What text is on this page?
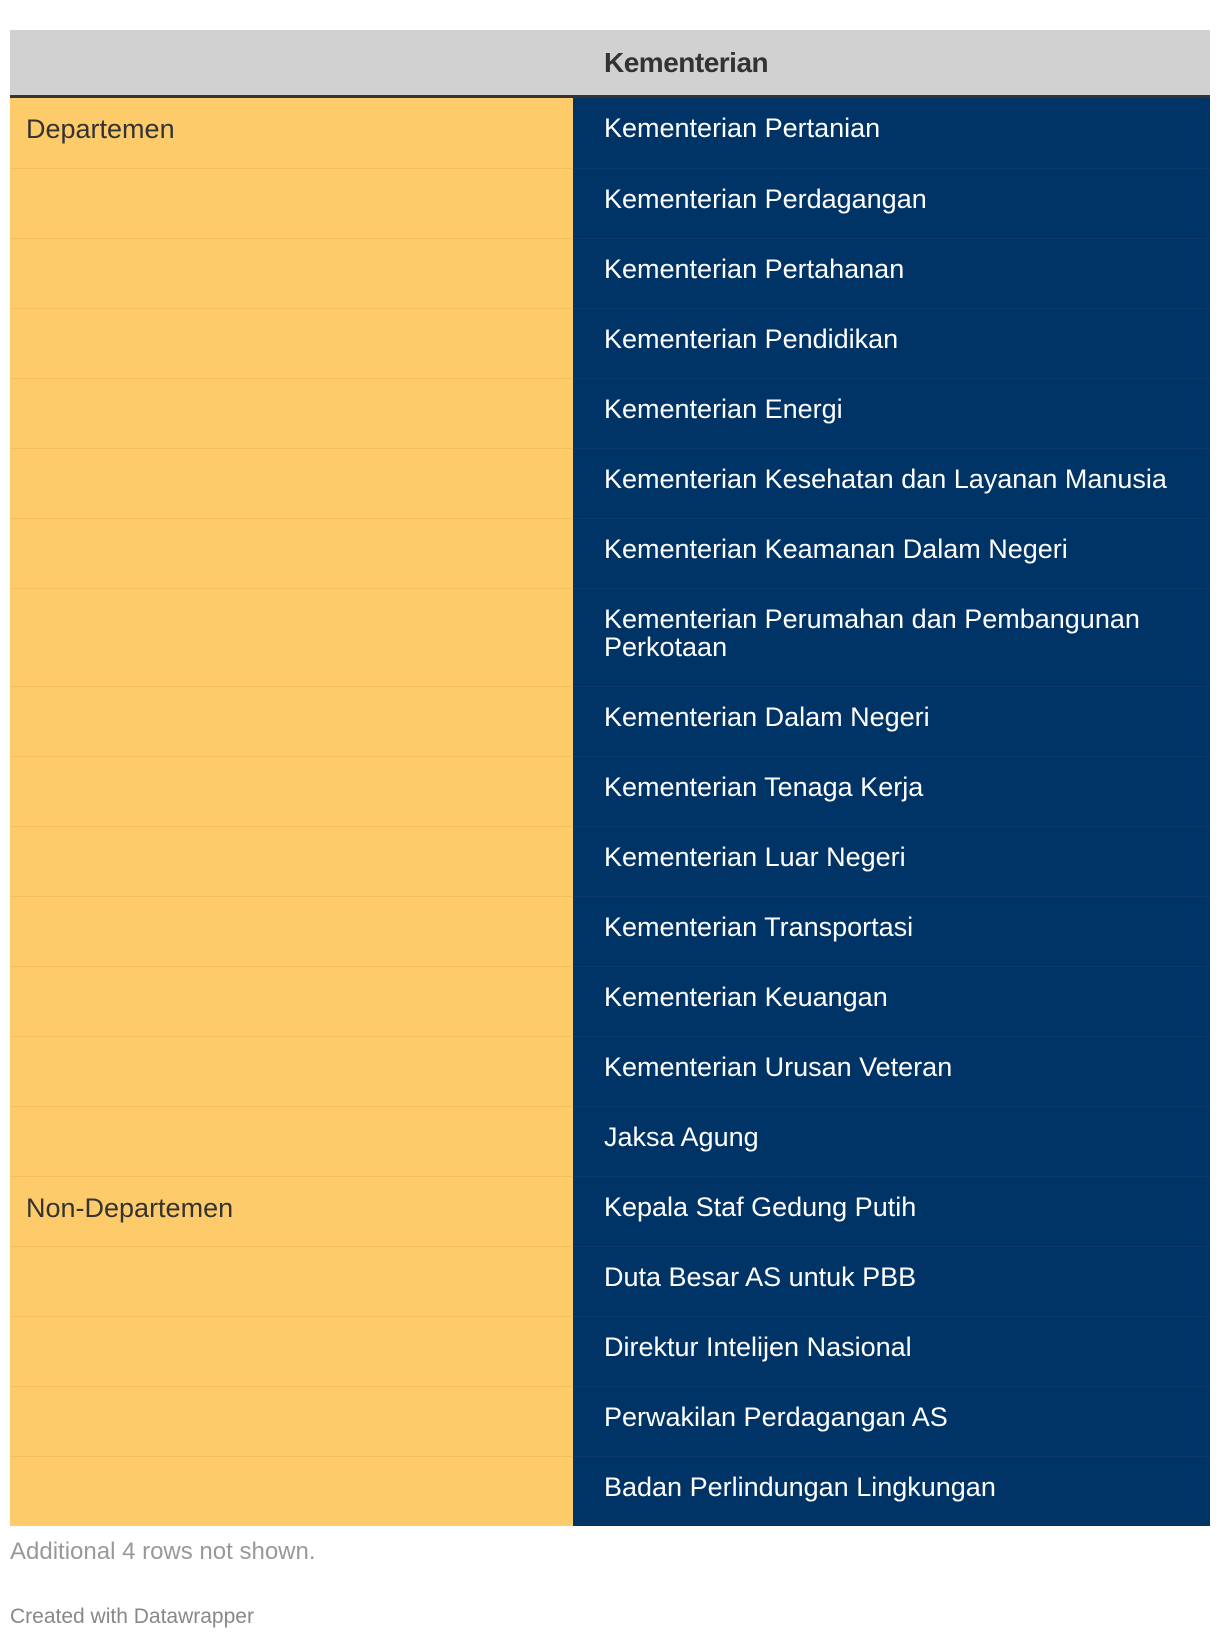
Kementerian
Departemen	Kementerian Pertanian
Kementerian Perdagangan
Kementerian Pertahanan
Kementerian Pendidikan
Kementerian Energi
Kementerian Kesehatan dan Layanan Manusia
Kementerian Keamanan Dalam Negeri
Kementerian Perumahan dan Pembangunan Perkotaan
Kementerian Dalam Negeri
Kementerian Tenaga Kerja
Kementerian Luar Negeri
Kementerian Transportasi
Kementerian Keuangan
Kementerian Urusan Veteran
Jaksa Agung
Non-Departemen	Kepala Staf Gedung Putih
Duta Besar AS untuk PBB
Direktur Intelijen Nasional
Perwakilan Perdagangan AS
Badan Perlindungan Lingkungan
Additional 4 rows not shown.
Created with Datawrapper
